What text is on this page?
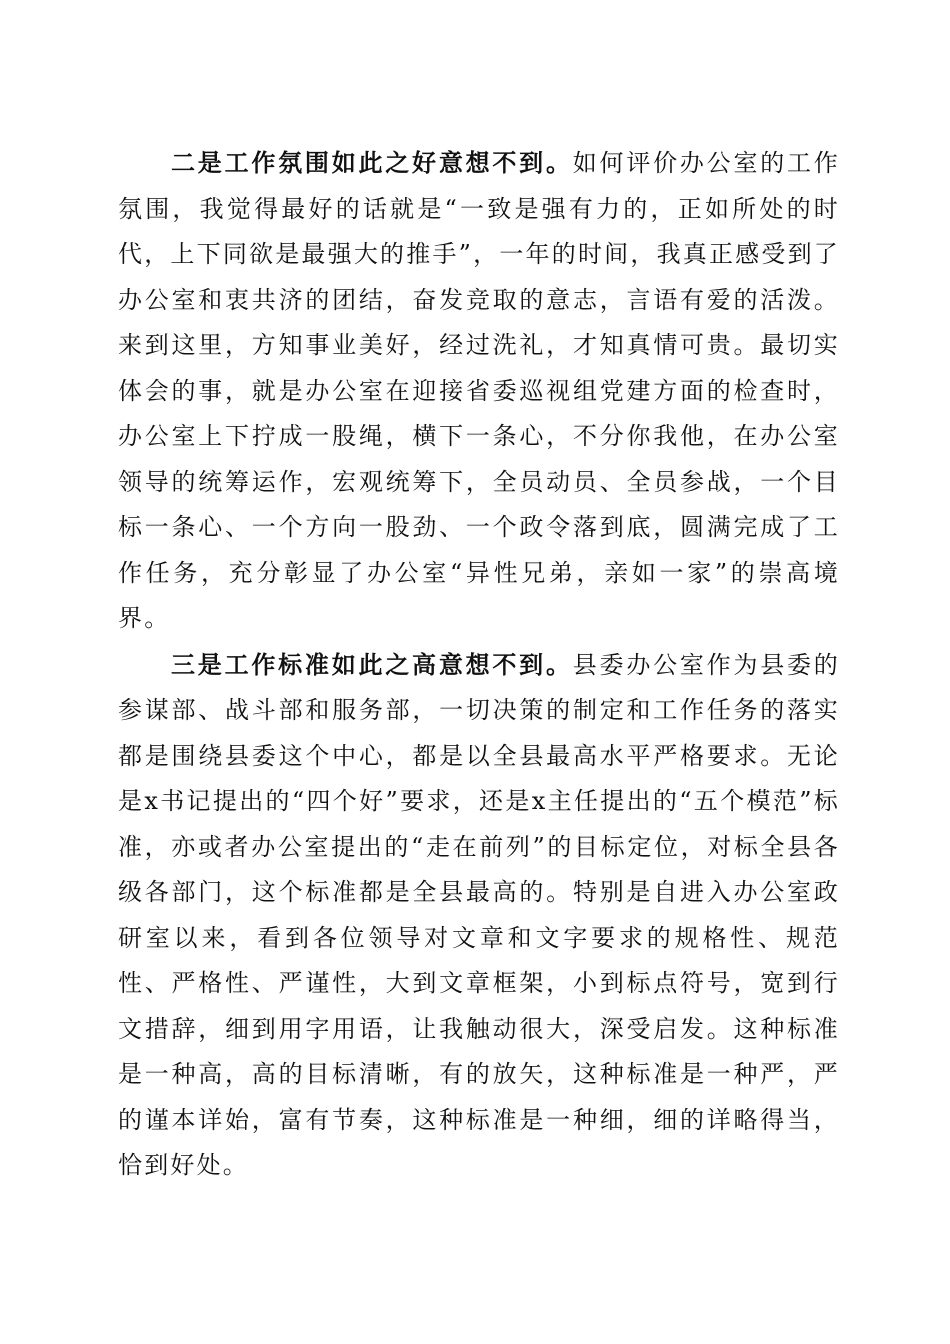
二是工作氛围如此之好意想不到。如何评价办公室的工作氛围，我觉得最好的话就是“一致是强有力的，正如所处的时代，上下同欲是最强大的推手”，一年的时间，我真正感受到了办公室和衷共济的团结，奋发竞取的意志，言语有爱的活泼。来到这里，方知事业美好，经过洗礼，才知真情可贵。最切实体会的事，就是办公室在迎接省委巡视组党建方面的检查时，办公室上下拧成一股绳，横下一条心，不分你我他，在办公室领导的统筹运作，宏观统筹下，全员动员、全员参战，一个目标一条心、一个方向一股劲、一个政令落到底，圆满完成了工作任务，充分彰显了办公室“异性兄弟，亲如一家”的崇高境界。

三是工作标准如此之高意想不到。县委办公室作为县委的参谋部、战斗部和服务部，一切决策的制定和工作任务的落实都是围绕县委这个中心，都是以全县最高水平严格要求。无论是x书记提出的“四个好”要求，还是x主任提出的“五个模范”标准，亦或者办公室提出的“走在前列”的目标定位，对标全县各级各部门，这个标准都是全县最高的。特别是自进入办公室政研室以来，看到各位领导对文章和文字要求的规格性、规范性、严格性、严谨性，大到文章框架，小到标点符号，宽到行文措辞，细到用字用语，让我触动很大，深受启发。这种标准是一种高，高的目标清晰，有的放矢，这种标准是一种严，严的谨本详始，富有节奏，这种标准是一种细，细的详略得当，恰到好处。
